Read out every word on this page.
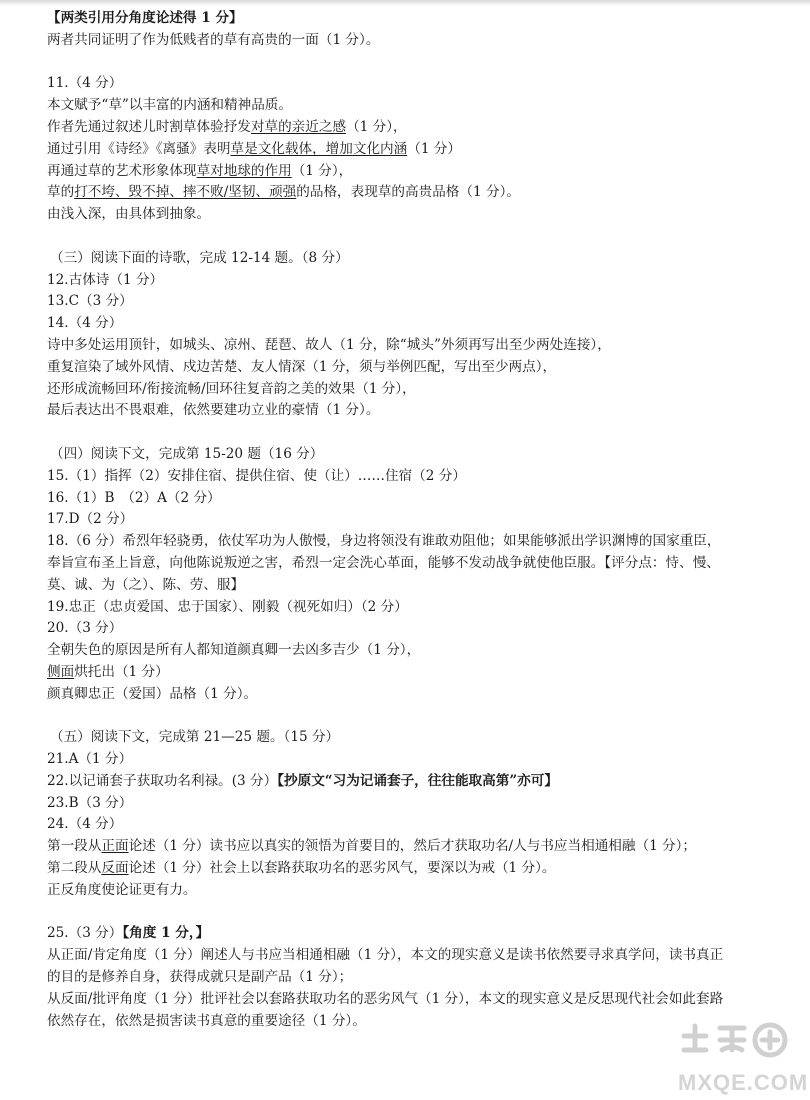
【两类引用分角度论述得 1 分】
两者共同证明了作为低贱者的草有高贵的一面（1 分）。
11.（4 分）
本文赋予“草”以丰富的内涵和精神品质。
作者先通过叙述儿时割草体验抒发对草的亲近之感（1 分），
通过引用《诗经》《离骚》表明草是文化载体，增加文化内涵（1 分）
再通过草的艺术形象体现草对地球的作用（1 分），
草的打不垮、毁不掉、摔不败/坚韧、顽强的品格，表现草的高贵品格（1 分）。
由浅入深，由具体到抽象。
（三）阅读下面的诗歌，完成 12-14 题。（8 分）
12.古体诗（1 分）
13.C（3 分）
14.（4 分）
诗中多处运用顶针，如城头、凉州、琵琶、故人（1 分，除“城头”外须再写出至少两处连接），
重复渲染了域外风情、戍边苦楚、友人情深（1 分，须与举例匹配，写出至少两点），
还形成流畅回环/衔接流畅/回环往复音韵之美的效果（1 分），
最后表达出不畏艰难，依然要建功立业的豪情（1 分）。
（四）阅读下文，完成第 15-20 题（16 分）
15.（1）指挥（2）安排住宿、提供住宿、使（让）……住宿（2 分）
16.（1）B　（2）A（2 分）
17.D（2 分）
18.（6 分）希烈年轻骁勇，依仗军功为人傲慢，身边将领没有谁敢劝阻他；如果能够派出学识渊博的国家重臣，
奉旨宣布圣上旨意，向他陈说叛逆之害，希烈一定会洗心革面，能够不发动战争就使他臣服。【评分点：恃、慢、
莫、诚、为（之）、陈、劳、服】
19.忠正（忠贞爱国、忠于国家）、刚毅（视死如归）（2 分）
20.（3 分）
全朝失色的原因是所有人都知道颜真卿一去凶多吉少（1 分），
侧面烘托出（1 分）
颜真卿忠正（爱国）品格（1 分）。
（五）阅读下文，完成第 21—25 题。（15 分）
21.A（1 分）
22.以记诵套子获取功名利禄。(3 分）【抄原文“习为记诵套子，往往能取高第”亦可】
23.B（3 分）
24.（4 分）
第一段从正面论述（1 分）读书应以真实的领悟为首要目的，然后才获取功名/人与书应当相通相融（1 分）；
第二段从反面论述（1 分）社会上以套路获取功名的恶劣风气，要深以为戒（1 分）。
正反角度使论证更有力。
25.（3 分）【角度 1 分，】
从正面/肯定角度（1 分）阐述人与书应当相通相融（1 分），本文的现实意义是读书依然要寻求真学问，读书真正
的目的是修养自身，获得成就只是副产品（1 分）；
从反面/批评角度（1 分）批评社会以套路获取功名的恶劣风气（1 分），本文的现实意义是反思现代社会如此套路
依然存在，依然是损害读书真意的重要途径（1 分）。
MXQE.COM
